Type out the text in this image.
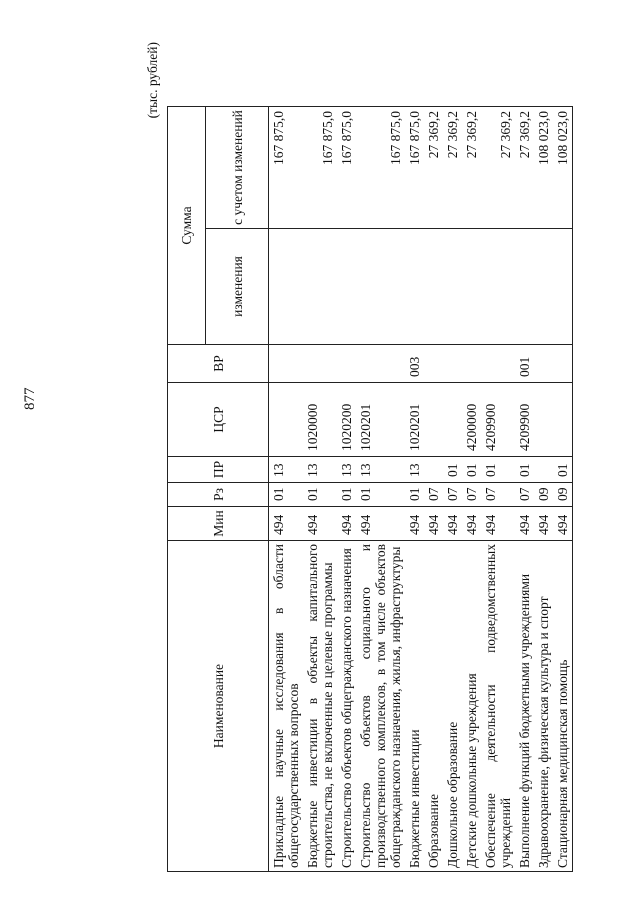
877
(тыс. рублей)
Наименование	Мин	Рз	ПР	ЦСР	ВР	Сумма	
						изменения	с учетом изменений
Прикладные научные исследования в области общегосударственных вопросов	494	01	13				167 875,0
Бюджетные инвестиции в объекты капитального строительства, не включенные в целевые программы	494	01	13	1020000			167 875,0
Строительство объектов общегражданского назначения	494	01	13	1020200			167 875,0
Строительство объектов социального и производственного комплексов, в том числе объектов общегражданского назначения, жилья, инфраструктуры	494	01	13	1020201			167 875,0
Бюджетные инвестиции	494	01	13	1020201	003		167 875,0
Образование	494	07					27 369,2
Дошкольное образование	494	07	01				27 369,2
Детские дошкольные учреждения	494	07	01	4200000			27 369,2
Обеспечение деятельности подведомственных учреждений	494	07	01	4209900			27 369,2
Выполнение функций бюджетными учреждениями	494	07	01	4209900	001		27 369,2
Здравоохранение, физическая культура и спорт	494	09					108 023,0
Стационарная медицинская помощь	494	09	01				108 023,0
